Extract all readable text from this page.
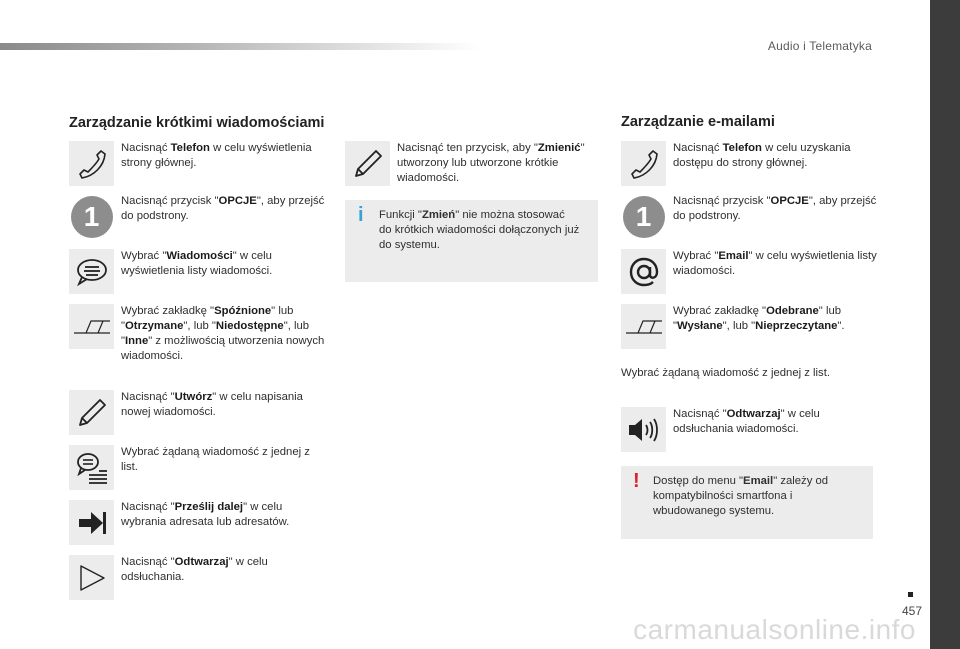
Audio i Telematyka
457
carmanualsonline.info
Zarządzanie krótkimi wiadomościami
Nacisnąć Telefon w celu wyświetlenia strony głównej.
1	Nacisnąć przycisk "OPCJE", aby przejść do podstrony.
Wybrać "Wiadomości" w celu wyświetlenia listy wiadomości.
Wybrać zakładkę "Spóźnione" lub "Otrzymane", lub "Niedostępne", lub "Inne" z możliwością utworzenia nowych wiadomości.
Nacisnąć "Utwórz" w celu napisania nowej wiadomości.
Wybrać żądaną wiadomość z jednej z list.
Nacisnąć "Prześlij dalej" w celu wybrania adresata lub adresatów.
Nacisnąć "Odtwarzaj" w celu odsłuchania.
Nacisnąć ten przycisk, aby "Zmienić" utworzony lub utworzone krótkie wiadomości.
i Funkcji "Zmień" nie można stosować do krótkich wiadomości dołączonych już do systemu.
Zarządzanie e-mailami
Nacisnąć Telefon w celu uzyskania dostępu do strony głównej.
1	Nacisnąć przycisk "OPCJE", aby przejść do podstrony.
Wybrać "Email" w celu wyświetlenia listy wiadomości.
Wybrać zakładkę "Odebrane" lub "Wysłane", lub "Nieprzeczytane".
Wybrać żądaną wiadomość z jednej z list.
Nacisnąć "Odtwarzaj" w celu odsłuchania wiadomości.
! Dostęp do menu "Email" zależy od kompatybilności smartfona i wbudowanego systemu.
